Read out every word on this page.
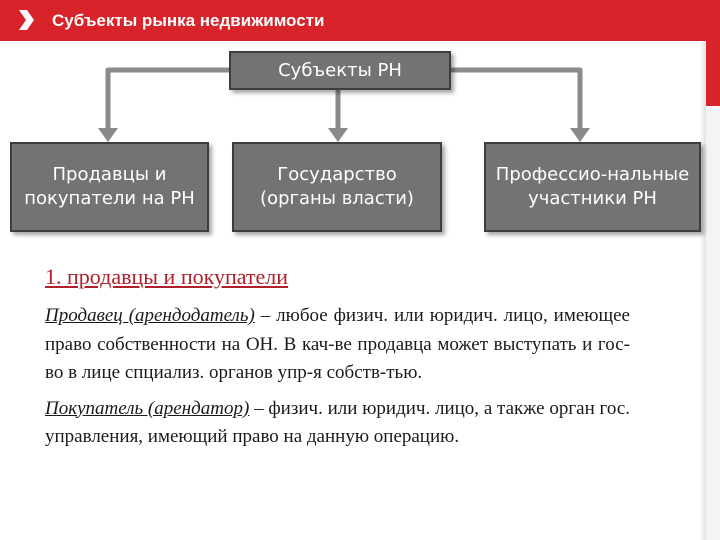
Субъекты рынка недвижимости
Субъекты РН
Продавцы и покупатели на РН
Государство (органы власти)
Профессио-нальные участники РН
1. продавцы и покупатели

Продавец (арендодатель) – любое физич. или юридич. лицо, имеющее право собственности на ОН. В кач-ве продавца может выступать и гос-во в лице спциализ. органов упр-я собств-тью.

Покупатель (арендатор) – физич. или юридич. лицо, а также орган гос. управления, имеющий право на данную операцию.
